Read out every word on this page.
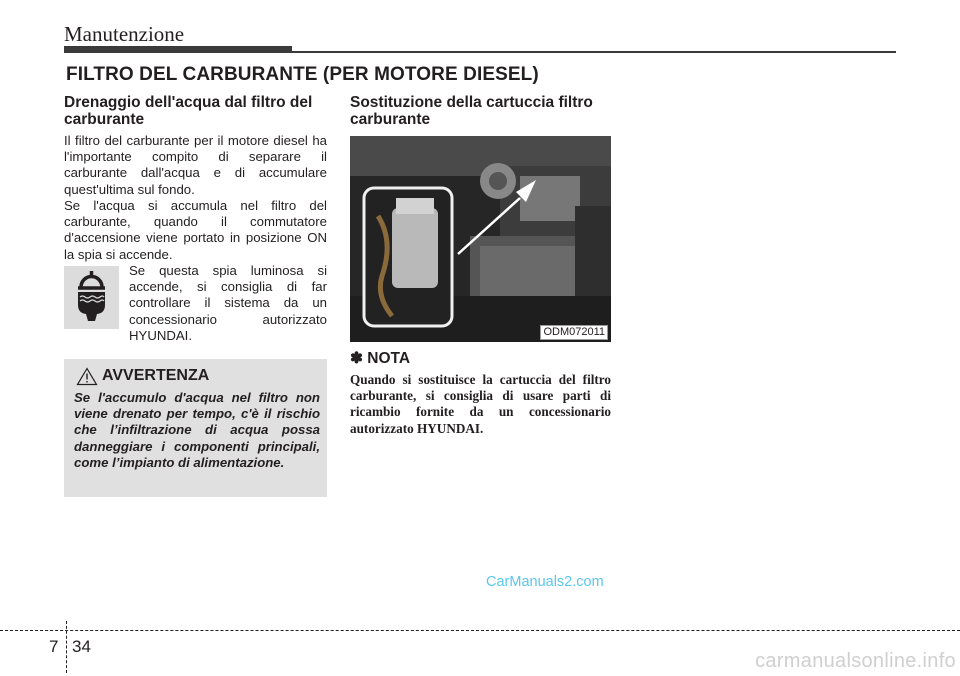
Manutenzione
FILTRO DEL CARBURANTE (PER MOTORE DIESEL)
Drenaggio dell'acqua dal filtro del carburante
Il filtro del carburante per il motore diesel ha l'importante compito di separare il carburante dall'acqua e di accumulare quest'ultima sul fondo.
Se l'acqua si accumula nel filtro del carburante, quando il commutatore d'accensione viene portato in posizione ON la spia si accende.
Se questa spia luminosa si accende, si consiglia di far controllare il sistema da un concessionario autorizzato HYUNDAI.
AVVERTENZA
Se l'accumulo d'acqua nel filtro non viene drenato per tempo, c'è il rischio che l’infiltrazione di acqua possa danneggiare i componenti principali, come l’impianto di alimentazione.
Sostituzione della cartuccia filtro carburante
ODM072011
✽ NOTA
Quando si sostituisce la cartuccia del filtro carburante, si consiglia di usare parti di ricambio fornite da un concessionario autorizzato HYUNDAI.
CarManuals2.com
7 34
carmanualsonline.info
